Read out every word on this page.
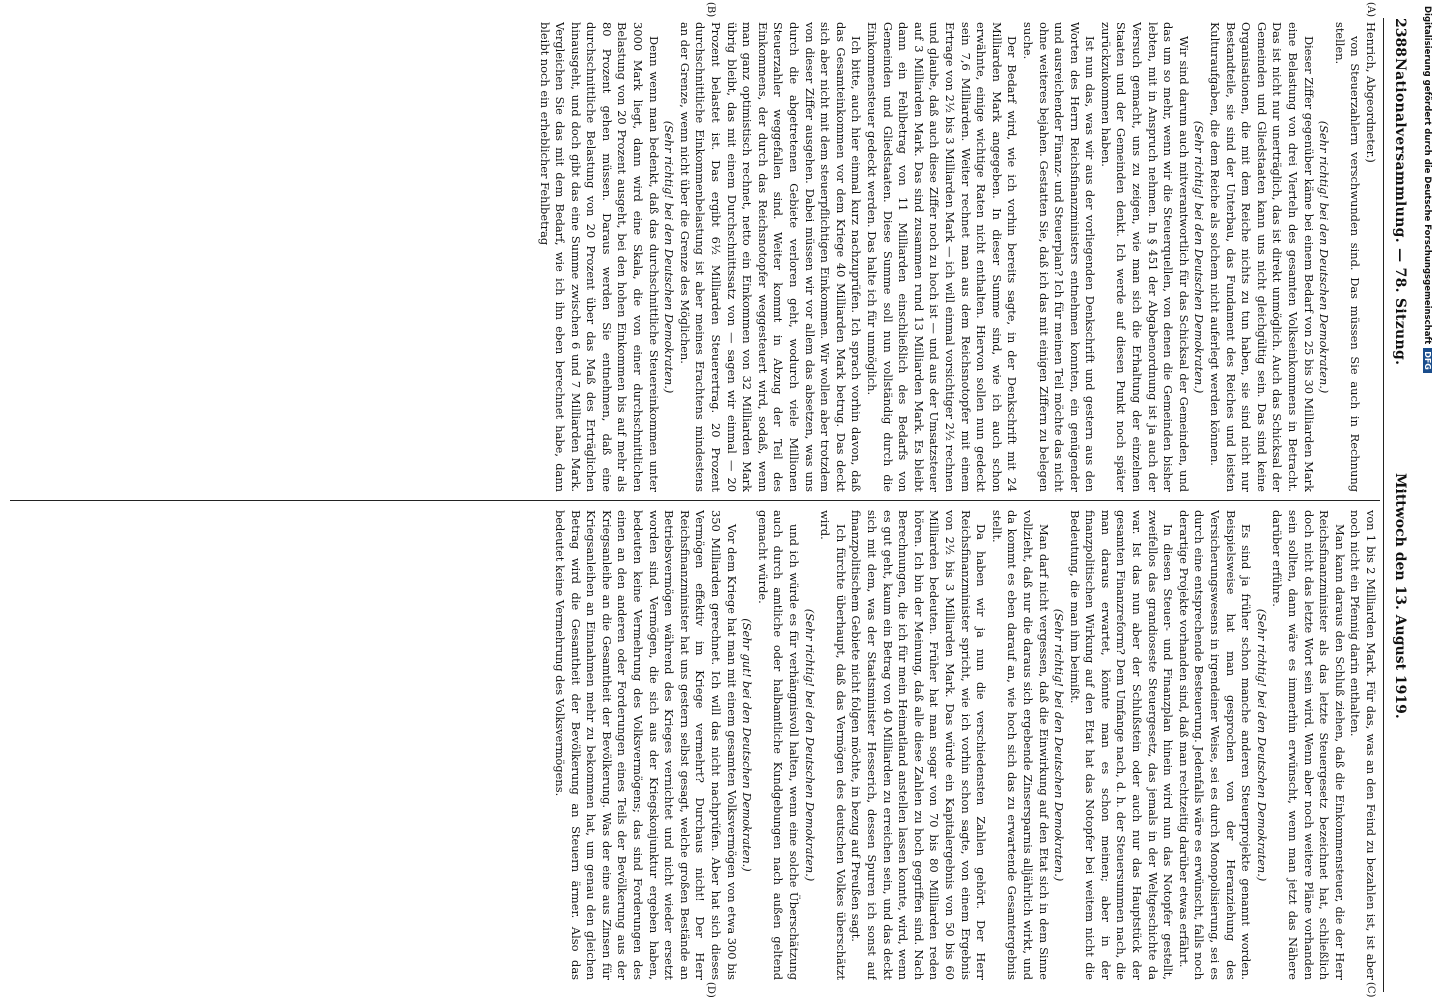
2388
Nationalversammlung. — 78. Sitzung.
Mittwoch den 13. August 1919.
(A)
(B)
(C)
(D)

Henrich, Abgeordneter.)

von Steuerzahlern verschwunden sind. Das müssen Sie auch in Rechnung stellen.

(Sehr richtig! bei den Deutschen Demokraten.)

Dieser Ziffer gegenüber käme bei einem Bedarf von 25 bis 30 Milliarden Mark eine Belastung von drei Vierteln des gesamten Volkseinkommens in Betracht. Das ist nicht nur unerträglich, das ist direkt unmöglich. Auch das Schicksal der Gemeinden und Gliedstaaten kann uns nicht gleichgültig sein. Das sind keine Organisationen, die mit dem Reiche nichts zu tun haben, sie sind nicht nur Bestandteile, sie sind der Unterbau, das Fundament des Reiches und leisten Kulturaufgaben, die dem Reiche als solchem nicht auferlegt werden können.

(Sehr richtig! bei den Deutschen Demokraten.)

Wir sind darum auch mitverantwortlich für das Schicksal der Gemeinden, und das um so mehr, wenn wir die Steuerquellen, von denen die Gemeinden bisher lebten, mit in Anspruch nehmen. In § 451 der Abgabenordnung ist ja auch der Versuch gemacht, uns zu zeigen, wie man sich die Erhaltung der einzelnen Staaten und der Gemeinden denkt. Ich werde auf diesen Punkt noch später zurückzukommen haben.

Ist nun das, was wir aus der vorliegenden Denkschrift und gestern aus den Worten des Herrn Reichsfinanzministers entnehmen konnten, ein genügender und ausreichender Finanz- und Steuerplan? Ich für meinen Teil möchte das nicht ohne weiteres bejahen. Gestatten Sie, daß ich das mit einigen Ziffern zu belegen suche.

Der Bedarf wird, wie ich vorhin bereits sagte, in der Denkschrift mit 24 Milliarden Mark angegeben. In dieser Summe sind, wie ich auch schon erwähnte, einige wichtige Raten nicht enthalten. Hiervon sollen nun gedeckt sein 7,6 Milliarden. Weiter rechnet man aus dem Reichsnotopfer mit einem Ertrage von 2½ bis 3 Milliarden Mark — ich will einmal vorsichtiger 2½ rechnen und glaube, daß auch diese Ziffer noch zu hoch ist — und aus der Umsatzsteuer auf 3 Milliarden Mark. Das sind zusammen rund 13 Milliarden Mark. Es bleibt dann ein Fehlbetrag von 11 Milliarden einschließlich des Bedarfs von Gemeinden und Gliedstaaten. Diese Summe soll nun vollständig durch die Einkommensteuer gedeckt werden. Das halte ich für unmöglich.

Ich bitte, auch hier einmal kurz nachzuprüfen. Ich sprach vorhin davon, daß das Gesamteinkommen vor dem Kriege 40 Milliarden Mark betrug. Das deckt sich aber nicht mit dem steuerpflichtigen Einkommen. Wir wollen aber trotzdem von dieser Ziffer ausgehen. Dabei müssen wir vor allem das absetzen, was uns durch die abgetretenen Gebiete verloren geht, wodurch viele Millionen Steuerzahler weggefallen sind. Weiter kommt in Abzug der Teil des Einkommens, der durch das Reichsnotopfer weggesteuert wird, sodaß, wenn man ganz optimistisch rechnet, netto ein Einkommen von 32 Milliarden Mark übrig bleibt, das mit einem Durchschnittssatz von — sagen wir einmal — 20 Prozent belastet ist. Das ergibt 6½ Milliarden Steuerertrag. 20 Prozent durchschnittliche Einkommenbelastung ist aber meines Erachtens mindestens an der Grenze, wenn nicht über die Grenze des Möglichen.

(Sehr richtig! bei den Deutschen Demokraten.)

Denn wenn man bedenkt, daß das durchschnittliche Steuereinkommen unter 3000 Mark liegt, dann wird eine Skala, die von einer durchschnittlichen Belastung von 20 Prozent ausgeht, bei den hohen Einkommen bis auf mehr als 80 Prozent gehen müssen. Daraus werden Sie entnehmen, daß eine durchschnittliche Belastung von 20 Prozent über das Maß des Erträglichen hinausgeht, und doch gibt das eine Summe zwischen 6 und 7 Milliarden Mark. Vergleichen Sie das mit dem Bedarf, wie ich ihn eben berechnet habe, dann bleibt noch ein erheblicher Fehlbetrag

von 1 bis 2 Milliarden Mark. Für das, was an den Feind zu bezahlen ist, ist aber noch nicht ein Pfennig darin enthalten.

Man kann daraus den Schluß ziehen, daß die Einkommensteuer, die der Herr Reichsfinanzminister als das letzte Steuergesetz bezeichnet hat, schließlich doch nicht das letzte Wort sein wird. Wenn aber noch weitere Pläne vorhanden sein sollten, dann wäre es immerhin erwünscht, wenn man jetzt das Nähere darüber erführe.

(Sehr richtig! bei den Deutschen Demokraten.)

Es sind ja früher schon manche anderen Steuerprojekte genannt worden. Beispielsweise hat man gesprochen von der Heranziehung des Versicherungswesens in irgendeiner Weise, sei es durch Monopolisierung, sei es durch eine entsprechende Besteuerung. Jedenfalls wäre es erwünscht, falls noch derartige Projekte vorhanden sind, daß man rechtzeitig darüber etwas erfährt.

In diesen Steuer- und Finanzplan hinein wird nun das Notopfer gestellt, zweifellos das grandioseste Steuergesetz, das jemals in der Weltgeschichte da war. Ist das nun aber der Schlußstein oder auch nur das Hauptstück der gesamten Finanzreform? Dem Umfange nach, d. h. der Steuersummen nach, die man daraus erwartet, könnte man es schon meinen; aber in der finanzpolitischen Wirkung auf den Etat hat das Notopfer bei weitem nicht die Bedeutung, die man ihm beimißt.

(Sehr richtig! bei den Deutschen Demokraten.)

Man darf nicht vergessen, daß die Einwirkung auf den Etat sich in dem Sinne vollzieht, daß nur die daraus sich ergebende Zinsersparnis alljährlich wirkt, und da kommt es eben darauf an, wie hoch sich das zu erwartende Gesamtergebnis stellt.

Da haben wir ja nun die verschiedensten Zahlen gehört. Der Herr Reichsfinanzminister spricht, wie ich vorhin schon sagte, von einem Ergebnis von 2½ bis 3 Milliarden Mark. Das würde ein Kapitalergebnis von 50 bis 60 Milliarden bedeuten. Früher hat man sogar von 70 bis 80 Milliarden reden hören. Ich bin der Meinung, daß alle diese Zahlen zu hoch gegriffen sind. Nach Berechnungen, die ich für mein Heimatland anstellen lassen konnte, wird, wenn es gut geht, kaum ein Betrag von 40 Milliarden zu erreichen sein, und das deckt sich mit dem, was der Staatsminister Hesserich, dessen Spuren ich sonst auf finanzpolitischem Gebiete nicht folgen möchte, in bezug auf Preußen sagt.

Ich fürchte überhaupt, daß das Vermögen des deutschen Volkes überschätzt wird.

(Sehr richtig! bei den Deutschen Demokraten.)

und ich würde es für verhängnisvoll halten, wenn eine solche Überschätzung auch durch amtliche oder halbamtliche Kundgebungen nach außen geltend gemacht würde.

(Sehr gut! bei den Deutschen Demokraten.)

Vor dem Kriege hat man mit einem gesamten Volksvermögen von etwa 300 bis 350 Milliarden gerechnet. Ich will das nicht nachprüfen. Aber hat sich dieses Vermögen effektiv im Kriege vermehrt? Durchaus nicht! Der Herr Reichsfinanzminister hat uns gestern selbst gesagt, welche großen Bestände an Betriebsvermögen während des Krieges vernichtet und nicht wieder ersetzt worden sind. Vermögen, die sich aus der Kriegskonjunktur ergeben haben, bedeuten keine Vermehrung des Volksvermögens; das sind Forderungen des einen an den anderen oder Forderungen eines Teils der Bevölkerung aus der Kriegsanleihe an die Gesamtheit der Bevölkerung. Was der eine aus Zinsen für Kriegsanleihen an Einnahmen mehr zu bekommen hat, um genau den gleichen Betrag wird die Gesamtheit der Bevölkerung an Steuern ärmer. Also das bedeutet keine Vermehrung des Volksvermögens.

Digitalisierung gefördert durch die Deutsche ForschungsgemeinschaftDFG
